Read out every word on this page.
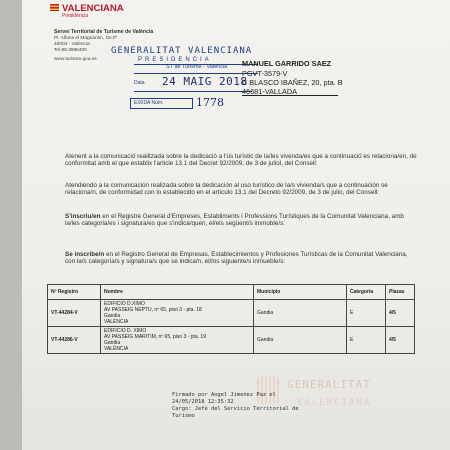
VALENCIANA
Presidència
Servei Territorial de Turisme de València
Pl. Alfons el Magnànim, 15-2ª
46003 - València
Tel.96.3986400
www.turisme.gva.es
GENERALITAT VALENCIANA
PRESIDENCIA
ST de Turisme - València
Data 24 MAIG 2018
EIXIDA Núm.	1778
MANUEL GARRIDO SAEZ
PGVT-3579-V
C BLASCO IBAÑEZ, 20, pta. B
46681-VALLADA
Atenent a la comunicació realitzada sobre la dedicació a l'ús turístic de la/les vivenda/es que a continuació es relaciona/en, de conformitat amb el que establix l'article 13.1 del Decret 92/2009, de 3 de juliol, del Consell:
Atendiendo a la comunicación realizada sobre la dedicación al uso turístico de la/s vivienda/s que a continuación se relaciona/n, de conformidad con lo establecido en el artículo 13.1 del Decreto 92/2009, de 3 de julio, del Consell:
S'inscriu/en en el Registre General d'Empreses, Establiments i Professions Turístiques de la Comunitat Valenciana, amb la/les categoria/es i signatura/es que s'indica/quen, el/els següent/s immoble/s:
Se inscribe/n en el Registro General de Empresas, Establecimientos y Profesiones Turísticas de la Comunitat Valenciana, con la/s categoría/s y signatura/s que se indica/n, el/los siguiente/s inmueble/s:
Nº Registro	Nombre	Municipio	Categoría	Plazas
VT-44284-V	EDIFICIO D.XIMO
AV PASSEIG NEPTU, nº 65, piso 3 - pta. 18
Gandia
VALÈNCIA	Gandia	E	4/5
VT-44286-V	EDIFICIO D. XIMO
AV PASSEIG MARITIM, nº 65, piso 3 - pta. 19
Gandia
VALÈNCIA	Gandia	E	4/5
GENERALITAT
VALENCIANA
Firmado por Angel Jimenez Paz el
24/05/2018 12:35:32
Cargo: Jefe del Servicio Territorial de
Turismo
